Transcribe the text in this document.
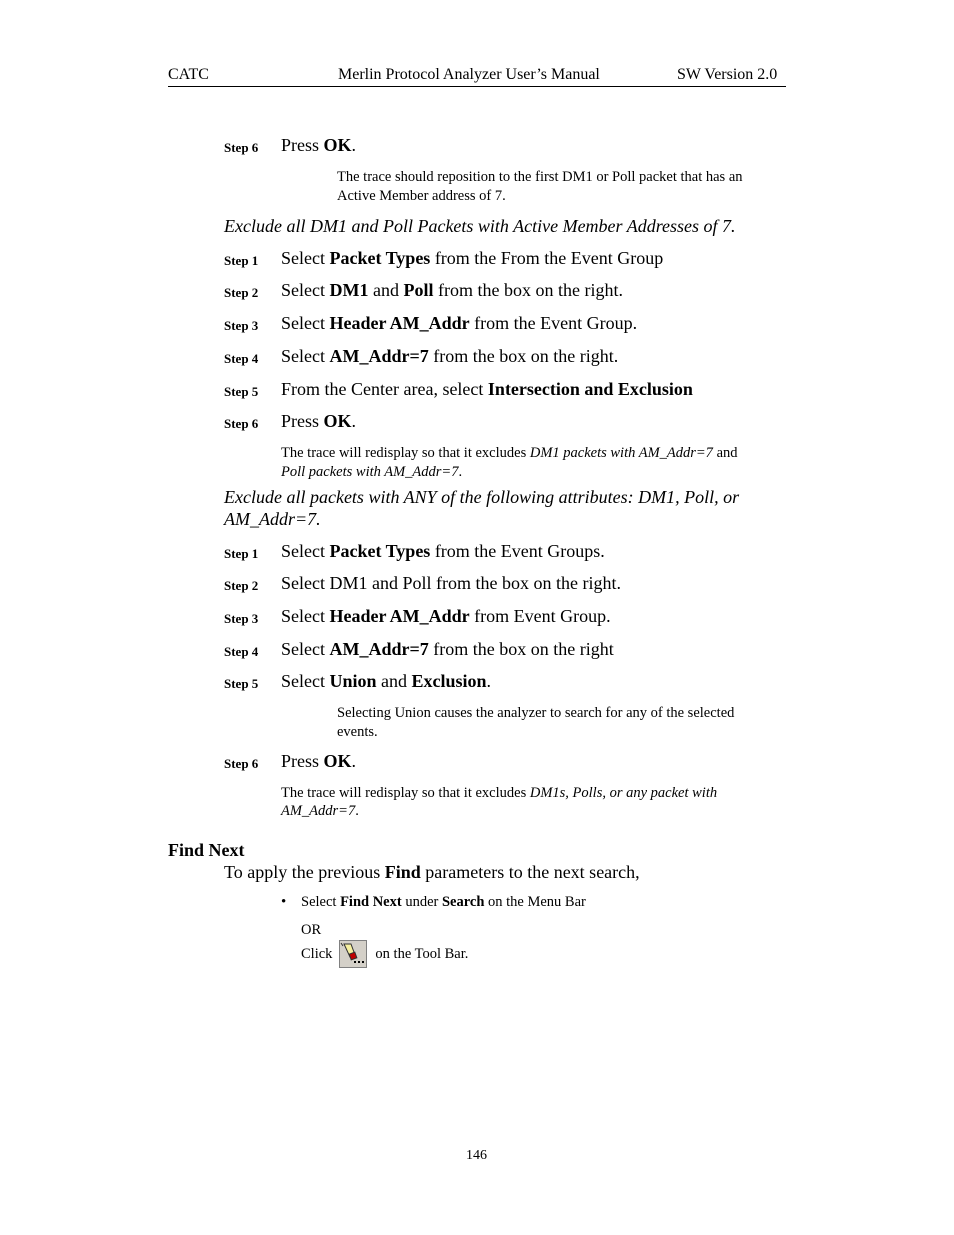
CATC	Merlin Protocol Analyzer User’s Manual	SW Version 2.0
Step 6 Press OK.
The trace should reposition to the first DM1 or Poll packet that has an
Active Member address of 7.
Exclude all DM1 and Poll Packets with Active Member Addresses of 7.
Step 1 Select Packet Types from the From the Event Group
Step 2 Select DM1 and Poll from the box on the right.
Step 3 Select Header AM_Addr from the Event Group.
Step 4 Select AM_Addr=7 from the box on the right.
Step 5 From the Center area, select Intersection and Exclusion
Step 6 Press OK.
The trace will redisplay so that it excludes DM1 packets with AM_Addr=7 and
Poll packets with AM_Addr=7.
Exclude all packets with ANY of the following attributes: DM1, Poll, or
AM_Addr=7.
Step 1 Select Packet Types from the Event Groups.
Step 2 Select DM1 and Poll from the box on the right.
Step 3 Select Header AM_Addr from Event Group.
Step 4 Select AM_Addr=7 from the box on the right
Step 5 Select Union and Exclusion.
Selecting Union causes the analyzer to search for any of the selected
events.
Step 6 Press OK.
The trace will redisplay so that it excludes DM1s, Polls, or any packet with
AM_Addr=7.
Find Next
To apply the previous Find parameters to the next search,
• Select Find Next under Search on the Menu Bar
OR
Click	on the Tool Bar.
146
